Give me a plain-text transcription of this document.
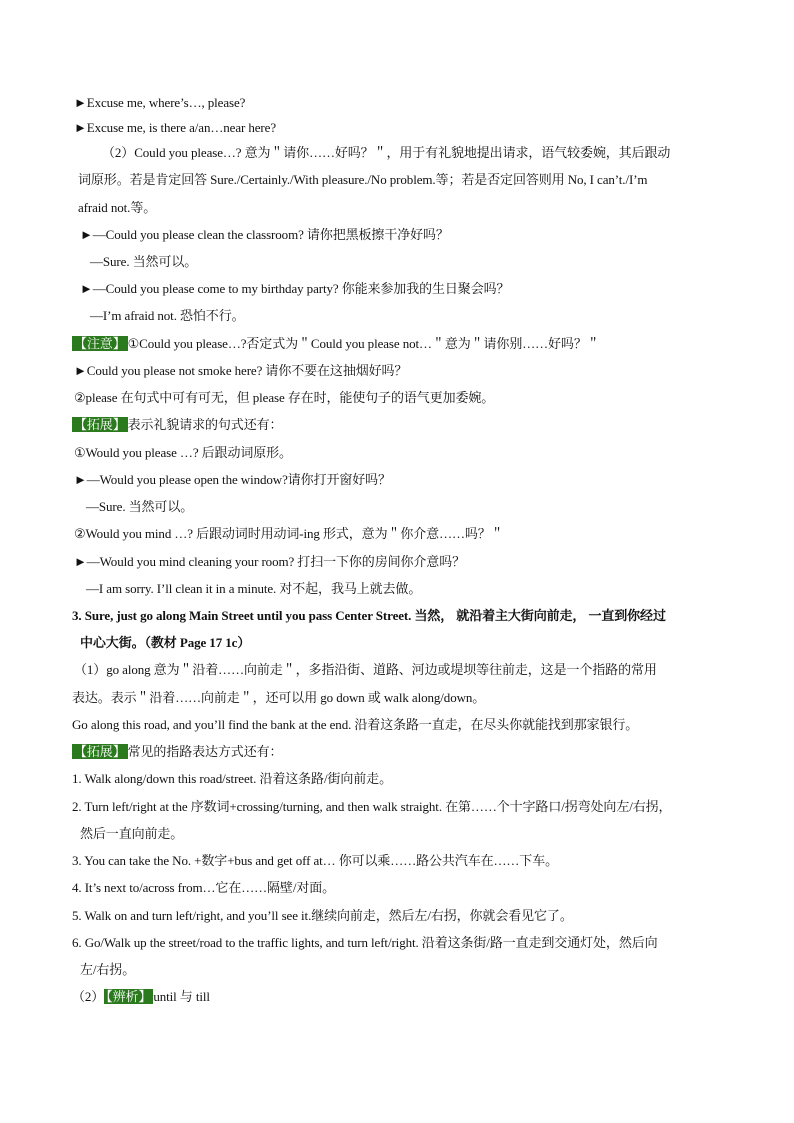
►Excuse me, where’s…, please?
►Excuse me, is there a/an…near here?
（2）Could you please…? 意为＂请你……好吗？＂，用于有礼貌地提出请求，语气较委婉，其后跟动
词原形。若是肯定回答 Sure./Certainly./With pleasure./No problem.等；若是否定回答则用 No, I can’t./I’m
afraid not.等。
►—Could you please clean the classroom? 请你把黑板擦干净好吗？
—Sure. 当然可以。
►—Could you please come to my birthday party? 你能来参加我的生日聚会吗？
—I’m afraid not. 恐怕不行。
【注意】 ①Could you please…?否定式为＂Could you please not…＂意为＂请你别……好吗？＂
►Could you please not smoke here? 请你不要在这抽烟好吗？
②please 在句式中可有可无，但 please 存在时，能使句子的语气更加委婉。
【拓展】 表示礼貌请求的句式还有：
①Would you please …? 后跟动词原形。
►—Would you please open the window?请你打开窗好吗？
—Sure. 当然可以。
②Would you mind …? 后跟动词时用动词-ing 形式，意为＂你介意……吗？＂
►—Would you mind cleaning your room? 打扫一下你的房间你介意吗？
—I am sorry. I’ll clean it in a minute. 对不起，我马上就去做。
3. Sure, just go along Main Street until you pass Center Street. 当然， 就沿着主大街向前走， 一直到你经过
中心大街。（教材 Page 17 1c）
（1）go along 意为＂沿着……向前走＂，多指沿街、道路、河边或堤坝等往前走，这是一个指路的常用
表达。表示＂沿着……向前走＂，还可以用 go down 或 walk along/down。
Go along this road, and you’ll find the bank at the end. 沿着这条路一直走，在尽头你就能找到那家银行。
【拓展】 常见的指路表达方式还有：
1. Walk along/down this road/street. 沿着这条路/街向前走。
2. Turn left/right at the 序数词+crossing/turning, and then walk straight. 在第……个十字路口/拐弯处向左/右拐，
然后一直向前走。
3. You can take the No. +数字+bus and get off at… 你可以乘……路公共汽车在……下车。
4. It’s next to/across from…它在……隔壁/对面。
5. Walk on and turn left/right, and you’ll see it.继续向前走，然后左/右拐，你就会看见它了。
6. Go/Walk up the street/road to the traffic lights, and turn left/right. 沿着这条街/路一直走到交通灯处，然后向
左/右拐。
（2） 【辨析】 until 与 till
